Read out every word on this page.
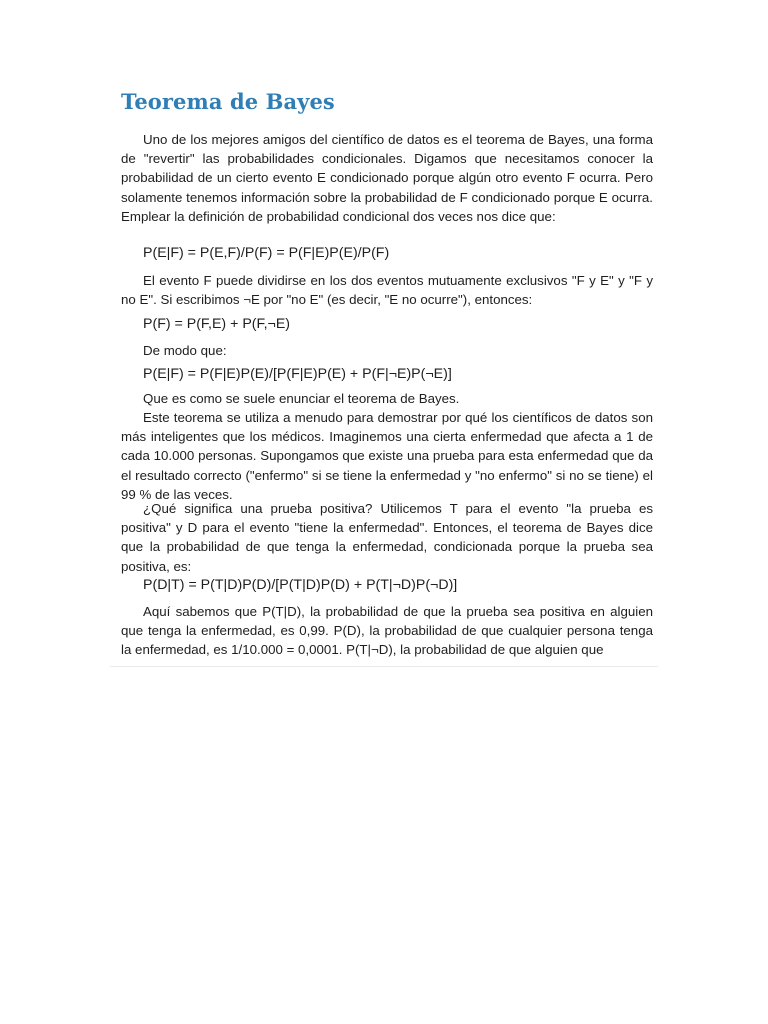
Teorema de Bayes

Uno de los mejores amigos del científico de datos es el teorema de Bayes, una forma de "revertir" las probabilidades condicionales. Digamos que necesitamos conocer la probabilidad de un cierto evento E condicionado porque algún otro evento F ocurra. Pero solamente tenemos información sobre la probabilidad de F condicionado porque E ocurra. Emplear la definición de probabilidad condicional dos veces nos dice que:

P(E|F) = P(E,F)/P(F) = P(F|E)P(E)/P(F)

El evento F puede dividirse en los dos eventos mutuamente exclusivos "F y E" y "F y no E". Si escribimos ¬E por "no E" (es decir, "E no ocurre"), entonces:

P(F) = P(F,E) + P(F,¬E)

De modo que:

P(E|F) = P(F|E)P(E)/[P(F|E)P(E) + P(F|¬E)P(¬E)]

Que es como se suele enunciar el teorema de Bayes.

Este teorema se utiliza a menudo para demostrar por qué los científicos de datos son más inteligentes que los médicos. Imaginemos una cierta enfermedad que afecta a 1 de cada 10.000 personas. Supongamos que existe una prueba para esta enfermedad que da el resultado correcto ("enfermo" si se tiene la enfermedad y "no enfermo" si no se tiene) el 99 % de las veces.

¿Qué significa una prueba positiva? Utilicemos T para el evento "la prueba es positiva" y D para el evento "tiene la enfermedad". Entonces, el teorema de Bayes dice que la probabilidad de que tenga la enfermedad, condicionada porque la prueba sea positiva, es:

P(D|T) = P(T|D)P(D)/[P(T|D)P(D) + P(T|¬D)P(¬D)]

Aquí sabemos que P(T|D), la probabilidad de que la prueba sea positiva en alguien que tenga la enfermedad, es 0,99. P(D), la probabilidad de que cualquier persona tenga la enfermedad, es 1/10.000 = 0,0001. P(T|¬D), la probabilidad de que alguien que
